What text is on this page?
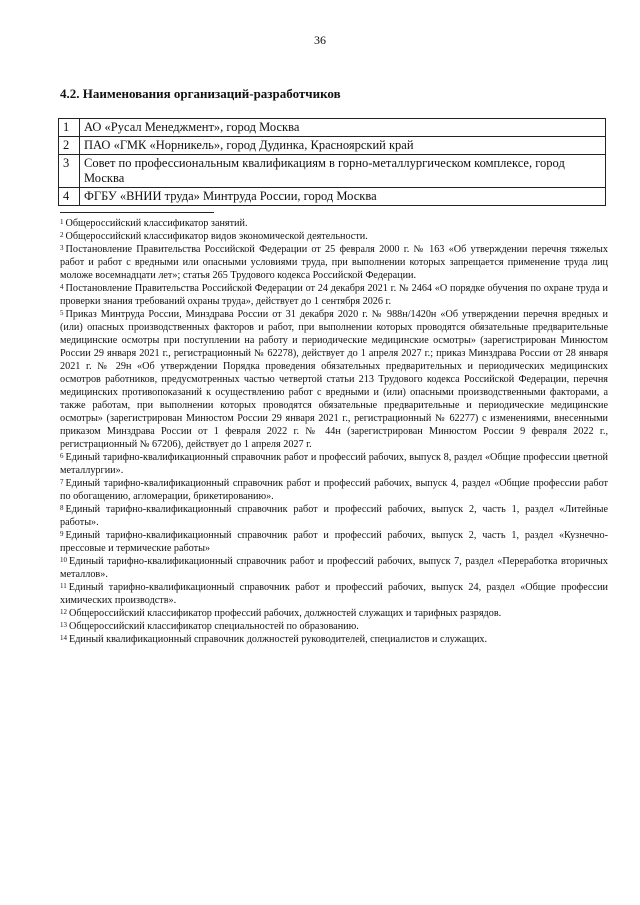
36
4.2. Наименования организаций-разработчиков
1	АО «Русал Менеджмент», город Москва
2	ПАО «ГМК «Норникель», город Дудинка, Красноярский край
3	Совет по профессиональным квалификациям в горно-металлургическом комплексе, город Москва
4	ФГБУ «ВНИИ труда» Минтруда России, город Москва

$^1$ Общероссийский классификатор занятий.

$^2$ Общероссийский классификатор видов экономической деятельности.

$^3$ Постановление Правительства Российской Федерации от 25 февраля 2000 г. № 163 «Об утверждении перечня тяжелых работ и работ с вредными или опасными условиями труда, при выполнении которых запрещается применение труда лиц моложе восемнадцати лет»; статья 265 Трудового кодекса Российской Федерации.

$^4$ Постановление Правительства Российской Федерации от 24 декабря 2021 г. № 2464 «О порядке обучения по охране труда и проверки знания требований охраны труда», действует до 1 сентября 2026 г.

$^5$ Приказ Минтруда России, Минздрава России от 31 декабря 2020 г. № 988н/1420н «Об утверждении перечня вредных и (или) опасных производственных факторов и работ, при выполнении которых проводятся обязательные предварительные медицинские осмотры при поступлении на работу и периодические медицинские осмотры» (зарегистрирован Минюстом России 29 января 2021 г., регистрационный № 62278), действует до 1 апреля 2027 г.; приказ Минздрава России от 28 января 2021 г. № 29н «Об утверждении Порядка проведения обязательных предварительных и периодических медицинских осмотров работников, предусмотренных частью четвертой статьи 213 Трудового кодекса Российской Федерации, перечня медицинских противопоказаний к осуществлению работ с вредными и (или) опасными производственными факторами, а также работам, при выполнении которых проводятся обязательные предварительные и периодические медицинские осмотры» (зарегистрирован Минюстом России 29 января 2021 г., регистрационный № 62277) с изменениями, внесенными приказом Минздрава России от 1 февраля 2022 г. № 44н (зарегистрирован Минюстом России 9 февраля 2022 г., регистрационный № 67206), действует до 1 апреля 2027 г.

$^6$ Единый тарифно-квалификационный справочник работ и профессий рабочих, выпуск 8, раздел «Общие профессии цветной металлургии».

$^7$ Единый тарифно-квалификационный справочник работ и профессий рабочих, выпуск 4, раздел «Общие профессии работ по обогащению, агломерации, брикетированию».

$^8$ Единый тарифно-квалификационный справочник работ и профессий рабочих, выпуск 2, часть 1, раздел «Литейные работы».

$^9$ Единый тарифно-квалификационный справочник работ и профессий рабочих, выпуск 2, часть 1, раздел «Кузнечно-прессовые и термические работы»

$^{10}$ Единый тарифно-квалификационный справочник работ и профессий рабочих, выпуск 7, раздел «Переработка вторичных металлов».

$^{11}$ Единый тарифно-квалификационный справочник работ и профессий рабочих, выпуск 24, раздел «Общие профессии химических производств».

$^{12}$ Общероссийский классификатор профессий рабочих, должностей служащих и тарифных разрядов.

$^{13}$ Общероссийский классификатор специальностей по образованию.

$^{14}$ Единый квалификационный справочник должностей руководителей, специалистов и служащих.
